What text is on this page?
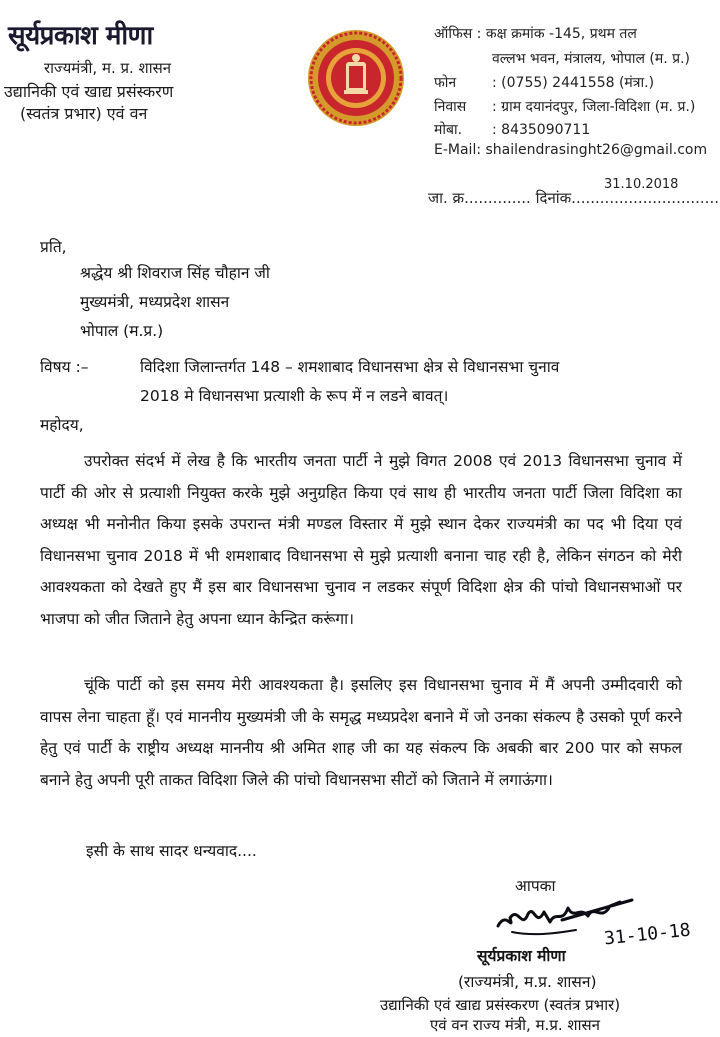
सूर्यप्रकाश मीणा
राज्यमंत्री, म. प्र. शासन
उद्यानिकी एवं खाद्य प्रसंस्करण
(स्वतंत्र प्रभार) एवं वन
ऑफिस : कक्ष क्रमांक -145, प्रथम तल
वल्लभ भवन, मंत्रालय, भोपाल (म. प्र.)
फोन	: (0755) 2441558 (मंत्रा.)
निवास : ग्राम दयानंदपुर, जिला-विदिशा (म. प्र.)
मोबा. : 8435090711
E-Mail: shailendrasinght26@gmail.com
जा. क्र.............. दिनांक...............................
31.10.2018
प्रति,
श्रद्धेय श्री शिवराज सिंह चौहान जी
मुख्यमंत्री, मध्यप्रदेश शासन
भोपाल (म.प्र.)
विषय :–	विदिशा जिलान्तर्गत 148 – शमशाबाद विधानसभा क्षेत्र से विधानसभा चुनाव
2018 मे विधानसभा प्रत्याशी के रूप में न लडने बावत्।
महोदय,
उपरोक्त संदर्भ में लेख है कि भारतीय जनता पार्टी ने मुझे विगत 2008 एवं 2013 विधानसभा चुनाव में पार्टी की ओर से प्रत्याशी नियुक्त करके मुझे अनुग्रहित किया एवं साथ ही भारतीय जनता पार्टी जिला विदिशा का अध्यक्ष भी मनोनीत किया इसके उपरान्त मंत्री मण्डल विस्तार में मुझे स्थान देकर राज्यमंत्री का पद भी दिया एवं विधानसभा चुनाव 2018 में भी शमशाबाद विधानसभा से मुझे प्रत्याशी बनाना चाह रही है, लेकिन संगठन को मेरी आवश्यकता को देखते हुए मैं इस बार विधानसभा चुनाव न लडकर संपूर्ण विदिशा क्षेत्र की पांचो विधानसभाओं पर भाजपा को जीत जिताने हेतु अपना ध्यान केन्द्रित करूंगा।
चूंकि पार्टी को इस समय मेरी आवश्यकता है। इसलिए इस विधानसभा चुनाव में मैं अपनी उम्मीदवारी को वापस लेना चाहता हूँ। एवं माननीय मुख्यमंत्री जी के समृद्ध मध्यप्रदेश बनाने में जो उनका संकल्प है उसको पूर्ण करने हेतु एवं पार्टी के राष्ट्रीय अध्यक्ष माननीय श्री अमित शाह जी का यह संकल्प कि अबकी बार 200 पार को सफल बनाने हेतु अपनी पूरी ताकत विदिशा जिले की पांचो विधानसभा सीटों को जिताने में लगाऊंगा।
इसी के साथ सादर धन्यवाद....
आपका
31-10-18
सूर्यप्रकाश मीणा
(राज्यमंत्री, म.प्र. शासन)
उद्यानिकी एवं खाद्य प्रसंस्करण (स्वतंत्र प्रभार)
एवं वन राज्य मंत्री, म.प्र. शासन
